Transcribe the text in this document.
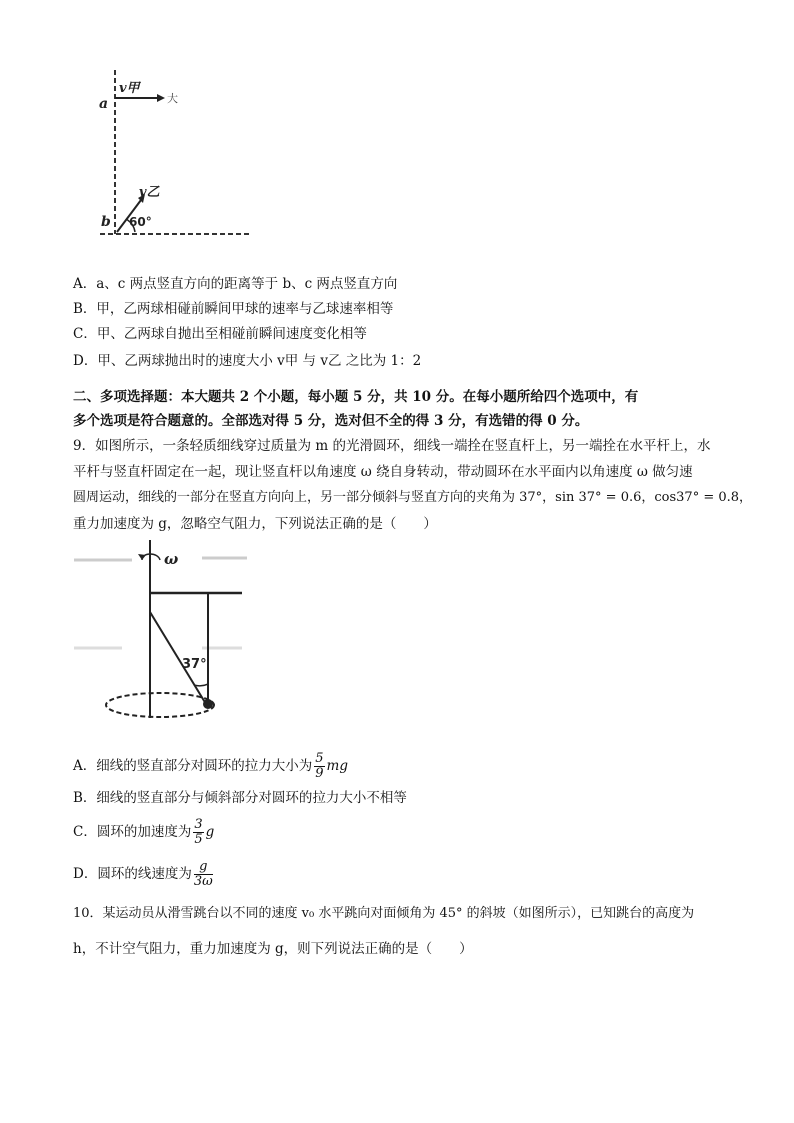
v甲
大
a
b
v乙
60°
A．a、c 两点竖直方向的距离等于 b、c 两点竖直方向
B．甲，乙两球相碰前瞬间甲球的速率与乙球速率相等
C．甲、乙两球自抛出至相碰前瞬间速度变化相等
D．甲、乙两球抛出时的速度大小 v甲 与 v乙 之比为 1：2
二、多项选择题：本大题共 2 个小题，每小题 5 分，共 10 分。在每小题所给四个选项中，有
多个选项是符合题意的。全部选对得 5 分，选对但不全的得 3 分，有选错的得 0 分。
9．如图所示，一条轻质细线穿过质量为 m 的光滑圆环，细线一端拴在竖直杆上，另一端拴在水平杆上，水
平杆与竖直杆固定在一起，现让竖直杆以角速度 ω 绕自身转动，带动圆环在水平面内以角速度 ω 做匀速
圆周运动，细线的一部分在竖直方向向上，另一部分倾斜与竖直方向的夹角为 37°，sin 37° = 0.6，cos37° = 0.8，
重力加速度为 g，忽略空气阻力，下列说法正确的是（　　）
ω
37°
A．细线的竖直部分对圆环的拉力大小为 $\frac{5}{9}$ mg
B．细线的竖直部分与倾斜部分对圆环的拉力大小不相等
C．圆环的加速度为 $\frac{3}{5}$ g
D．圆环的线速度为 $\frac{g}{3\omega}$
10．某运动员从滑雪跳台以不同的速度 v₀ 水平跳向对面倾角为 45° 的斜坡（如图所示），已知跳台的高度为
h，不计空气阻力，重力加速度为 g，则下列说法正确的是（　　）
